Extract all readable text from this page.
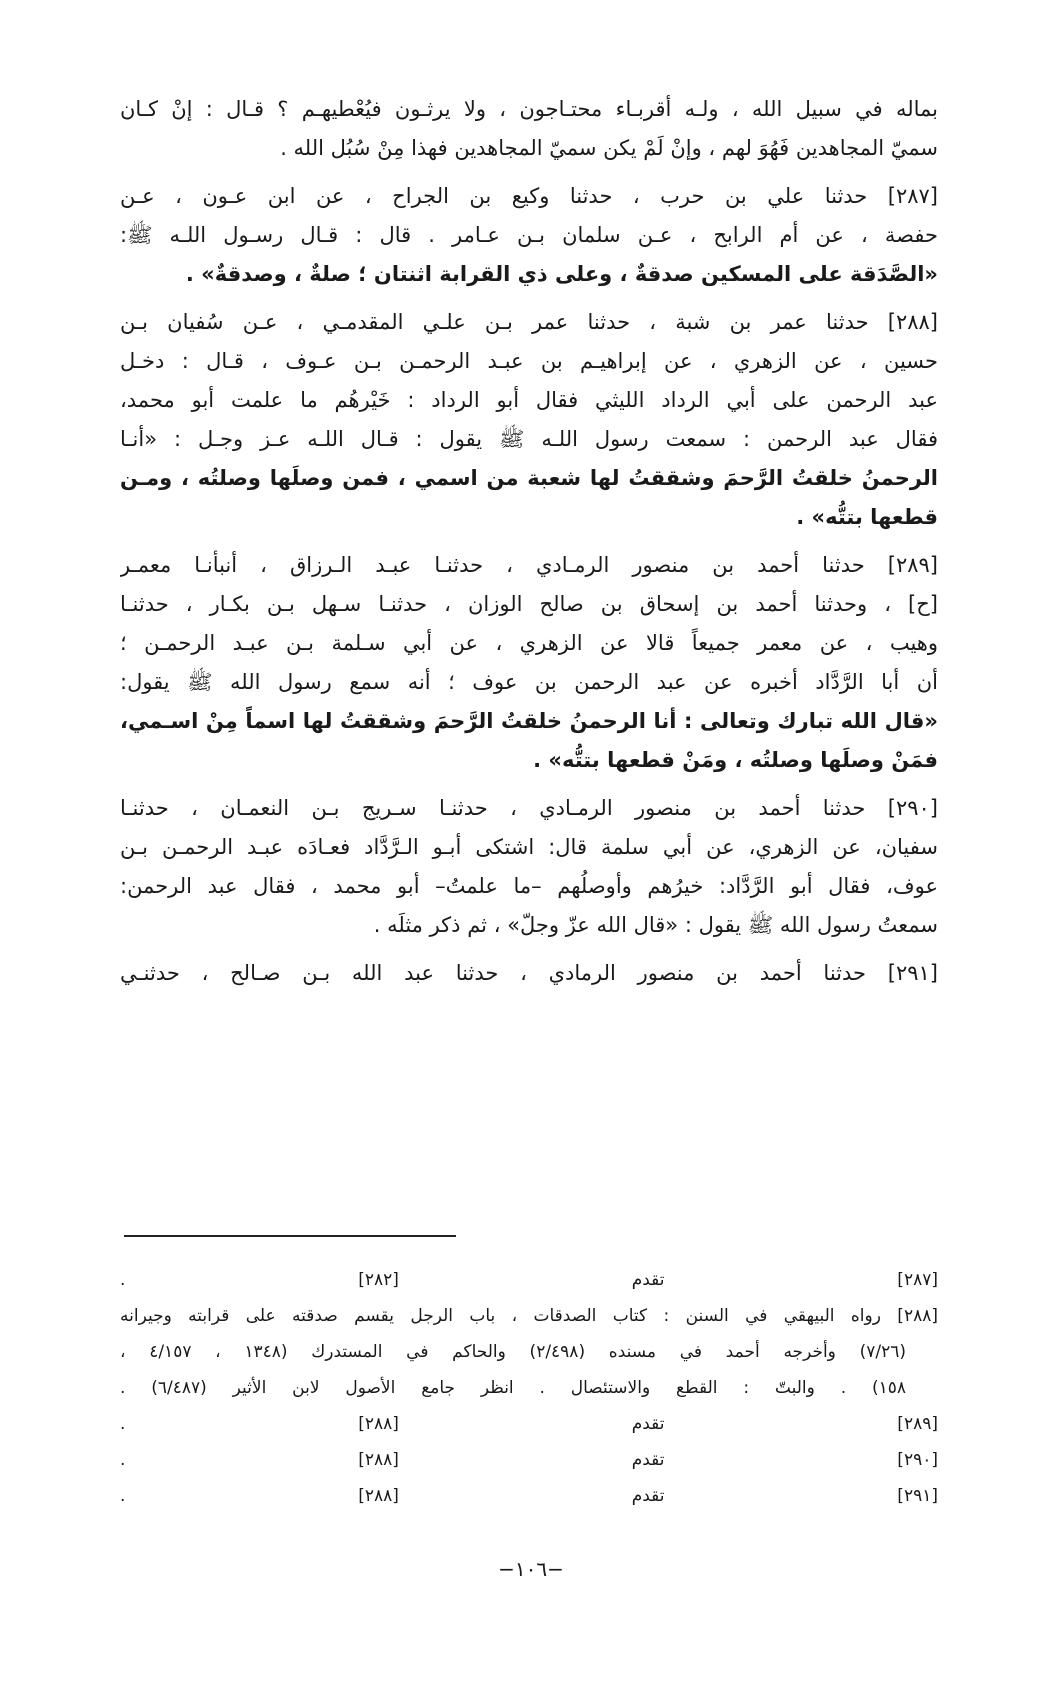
بماله في سبيل الله ، ولـه أقربـاء محتـاجون ، ولا يرثـون فيُعْطيهـم ؟ قـال : إنْ كـان
سميّ المجاهدين فَهُوَ لهم ، وإنْ لَمْ يكن سميّ المجاهدين فهذا مِنْ سُبُل الله .

[٢٨٧] حدثنا علي بن حرب ، حدثنا وكيع بن الجراح ، عن ابن عـون ، عـن
حفصة ، عن أم الرابح ، عـن سلمان بـن عـامر . قال : قـال رسـول اللـه ﷺ:
«الصَّدَقة على المسكين صدقةٌ ، وعلى ذي القرابة اثنتان ؛ صلةٌ ، وصدقةٌ» .

[٢٨٨] حدثنا عمر بن شبة ، حدثنا عمر بـن علـي المقدمـي ، عـن سُفيان بـن
حسين ، عن الزهري ، عن إبراهيـم بن عبـد الرحمـن بـن عـوف ، قـال : دخـل
عبد الرحمن على أبي الرداد الليثي فقال أبو الرداد : خَيْرهُم ما علمت أبو محمد،
فقال عبد الرحمن : سمعت رسول اللـه ﷺ يقول : قـال اللـه عـز وجـل : «أنـا
الرحمنُ خلقتُ الرَّحمَ وشققتُ لها شعبة من اسمي ، فمن وصلَها وصلتُه ، ومـن
قطعها بتتُّه» .

[٢٨٩] حدثنا أحمد بن منصور الرمـادي ، حدثنـا عبـد الـرزاق ، أنبأنـا معمـر
[ح] ، وحدثنا أحمد بن إسحاق بن صالح الوزان ، حدثنـا سـهل بـن بكـار ، حدثنـا
وهيب ، عن معمر جميعاً قالا عن الزهري ، عن أبي سـلمة بـن عبـد الرحمـن ؛
أن أبا الرَّدَّاد أخبره عن عبد الرحمن بن عوف ؛ أنه سمع رسول الله ﷺ يقول:
«قال الله تبارك وتعالى : أنا الرحمنُ خلقتُ الرَّحمَ وشققتُ لها اسماً مِنْ اسـمي،
فمَنْ وصلَها وصلتُه ، ومَنْ قطعها بتتُّه» .

[٢٩٠] حدثنا أحمد بن منصور الرمـادي ، حدثنـا سـريج بـن النعمـان ، حدثنـا
سفيان، عن الزهري، عن أبي سلمة قال: اشتكى أبـو الـرَّدَّاد فعـادَه عبـد الرحمـن بـن
عوف، فقال أبو الرَّدَّاد: خيرُهم وأوصلُهم –ما علمتُ– أبو محمد ، فقال عبد الرحمن:
سمعتُ رسول الله ﷺ يقول : «قال الله عزّ وجلّ» ، ثم ذكر مثلَه .

[٢٩١] حدثنا أحمد بن منصور الرمادي ، حدثنا عبد الله بـن صـالح ، حدثنـي

[٢٨٧] تقدم [٢٨٢] .

[٢٨٨] رواه البيهقي في السنن : كتاب الصدقات ، باب الرجل يقسم صدقته على قرابته وجيرانه
(٧/٢٦) وأخرجه أحمد في مسنده (٢/٤٩٨) والحاكم في المستدرك (١٣٤٨ ، ٤/١٥٧ ،
١٥٨) . والبتّ : القطع والاستئصال . انظر جامع الأصول لابن الأثير (٦/٤٨٧) .

[٢٨٩] تقدم [٢٨٨] .

[٢٩٠] تقدم [٢٨٨] .

[٢٩١] تقدم [٢٨٨] .

−١٠٦−
